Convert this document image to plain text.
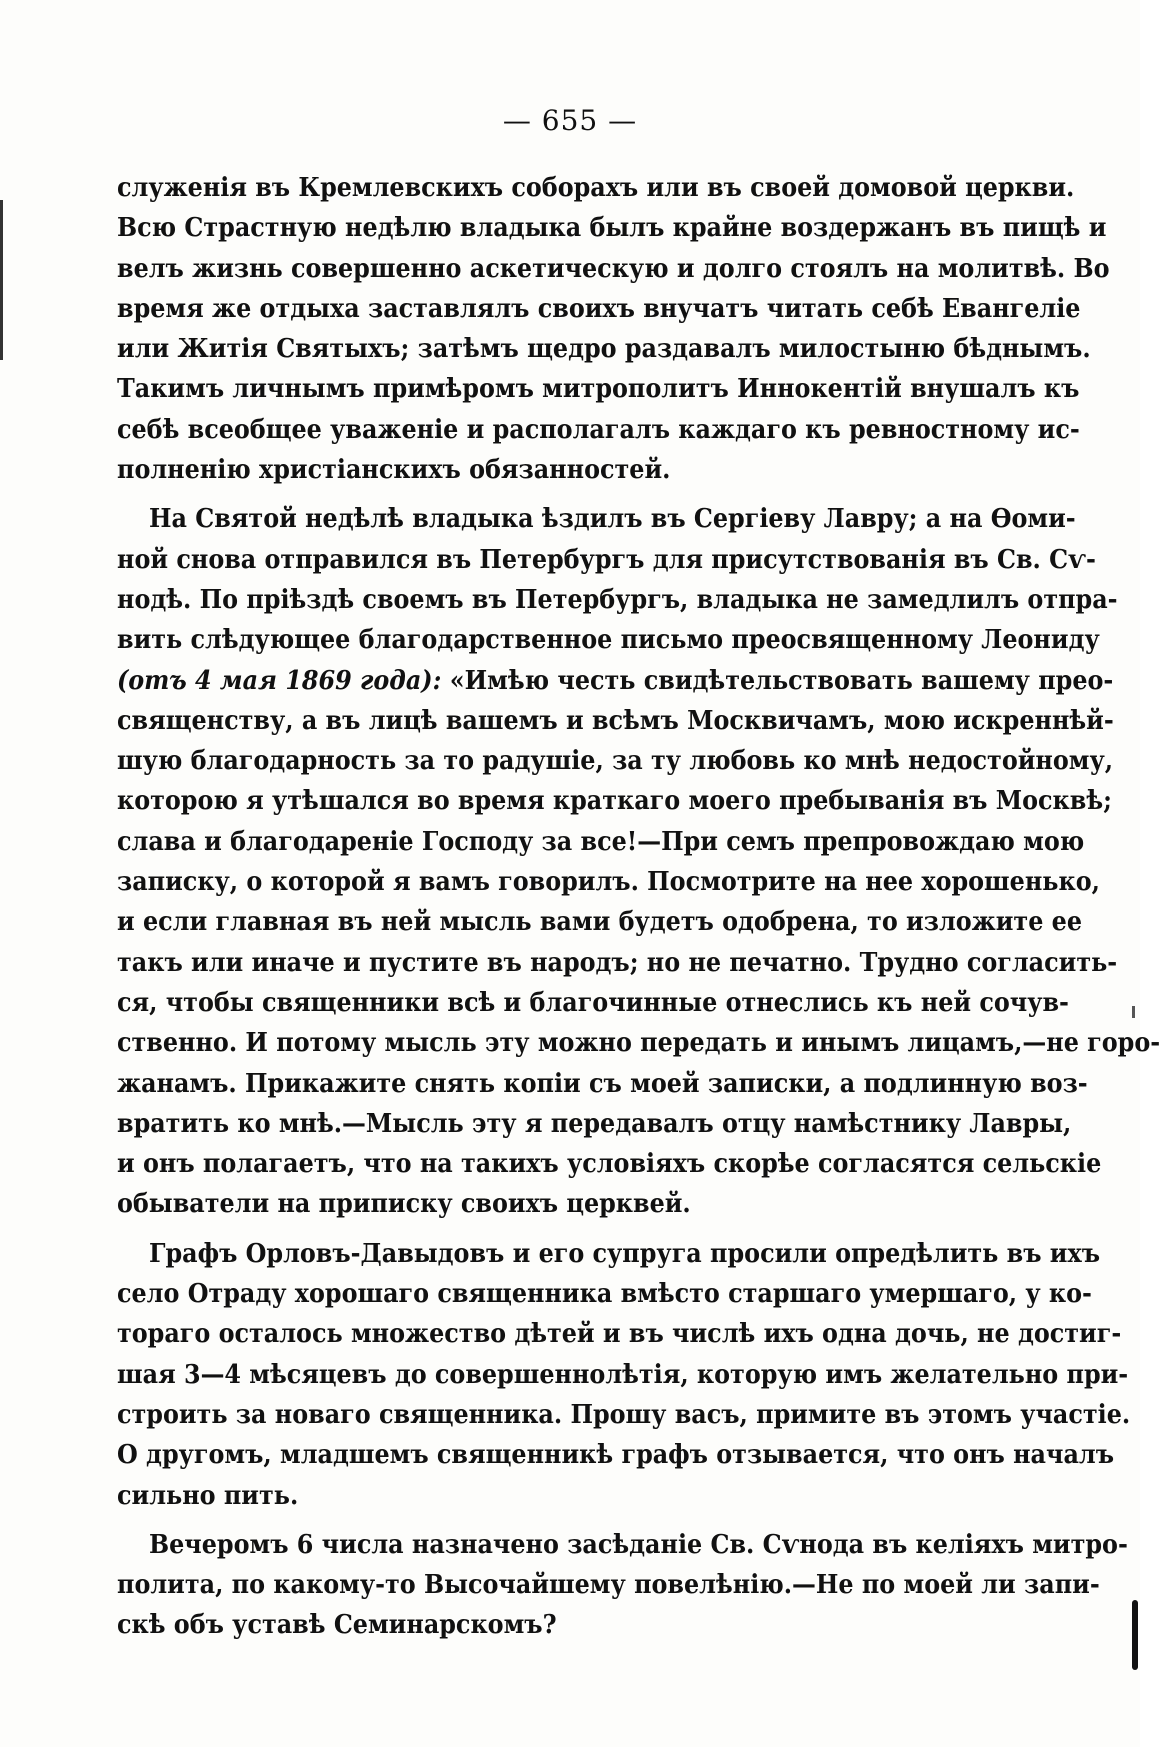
— 655 —
служенія въ Кремлевскихъ соборахъ или въ своей домовой церкви.
Всю Страстную недѣлю владыка былъ крайне воздержанъ въ пищѣ и
велъ жизнь совершенно аскетическую и долго стоялъ на молитвѣ. Во
время же отдыха заставлялъ своихъ внучатъ читать себѣ Евангеліе
или Житія Святыхъ; затѣмъ щедро раздавалъ милостыню бѣднымъ.
Такимъ личнымъ примѣромъ митрополитъ Иннокентій внушалъ къ
себѣ всеобщее уваженіе и располагалъ каждаго къ ревностному ис-
полненію христіанскихъ обязанностей.
На Святой недѣлѣ владыка ѣздилъ въ Сергіеву Лавру; а на Ѳоми-
ной снова отправился въ Петербургъ для присутствованія въ Св. Сѵ-
нодѣ. По пріѣздѣ своемъ въ Петербургъ, владыка не замедлилъ отпра-
вить слѣдующее благодарственное письмо преосвященному Леониду
(отъ 4 мая 1869 года): «Имѣю честь свидѣтельствовать вашему прео-
священству, а въ лицѣ вашемъ и всѣмъ Москвичамъ, мою искреннѣй-
шую благодарность за то радушіе, за ту любовь ко мнѣ недостойному,
которою я утѣшался во время краткаго моего пребыванія въ Москвѣ;
слава и благодареніе Господу за все!—При семъ препровождаю мою
записку, о которой я вамъ говорилъ. Посмотрите на нее хорошенько,
и если главная въ ней мысль вами будетъ одобрена, то изложите ее
такъ или иначе и пустите въ народъ; но не печатно. Трудно согласить-
ся, чтобы священники всѣ и благочинные отнеслись къ ней сочув-
ственно. И потому мысль эту можно передать и инымъ лицамъ,—не горо-
жанамъ. Прикажите снять копіи съ моей записки, а подлинную воз-
вратить ко мнѣ.—Мысль эту я передавалъ отцу намѣстнику Лавры,
и онъ полагаетъ, что на такихъ условіяхъ скорѣе согласятся сельскіе
обыватели на приписку своихъ церквей.
Графъ Орловъ-Давыдовъ и его супруга просили опредѣлить въ ихъ
село Отраду хорошаго священника вмѣсто старшаго умершаго, у ко-
тораго осталось множество дѣтей и въ числѣ ихъ одна дочь, не достиг-
шая 3—4 мѣсяцевъ до совершеннолѣтія, которую имъ желательно при-
строить за новаго священника. Прошу васъ, примите въ этомъ участіе.
О другомъ, младшемъ священникѣ графъ отзывается, что онъ началъ
сильно пить.
Вечеромъ 6 числа назначено засѣданіе Св. Сѵнода въ келіяхъ митро-
полита, по какому-то Высочайшему повелѣнію.—Не по моей ли запи-
скѣ объ уставѣ Семинарскомъ?
